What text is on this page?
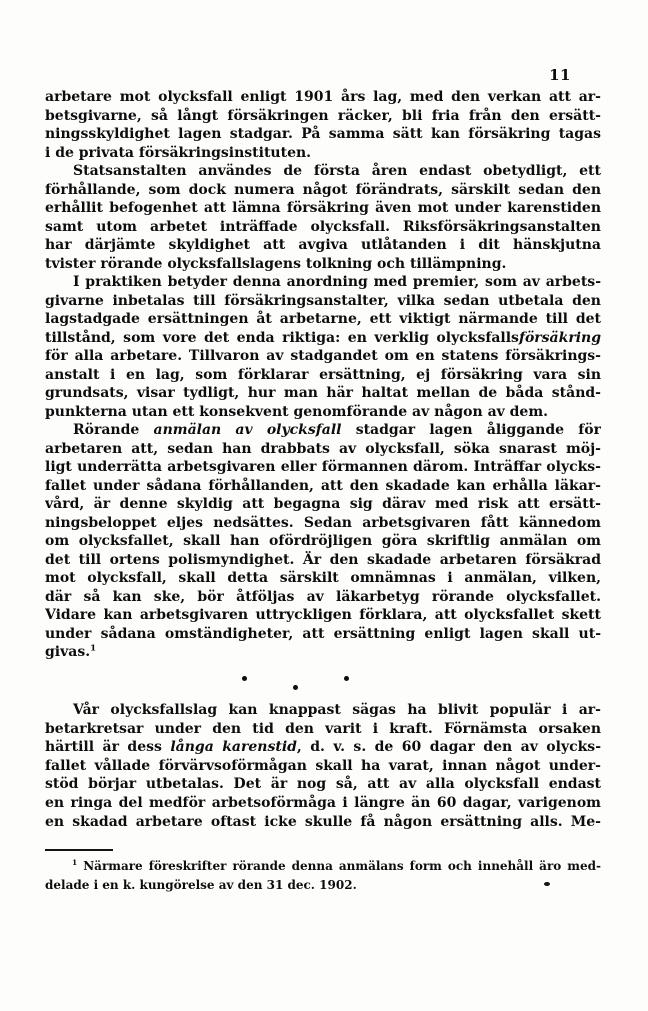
11
arbetare mot olycksfall enligt 1901 års lag, med den verkan att ar-
betsgivarne, så långt försäkringen räcker, bli fria från den ersätt-
ningsskyldighet lagen stadgar. På samma sätt kan försäkring tagas
i de privata försäkringsinstituten.
Statsanstalten användes de första åren endast obetydligt, ett
förhållande, som dock numera något förändrats, särskilt sedan den
erhållit befogenhet att lämna försäkring även mot under karenstiden
samt utom arbetet inträffade olycksfall. Riksförsäkringsanstalten
har därjämte skyldighet att avgiva utlåtanden i dit hänskjutna
tvister rörande olycksfallslagens tolkning och tillämpning.
I praktiken betyder denna anordning med premier, som av arbets-
givarne inbetalas till försäkringsanstalter, vilka sedan utbetala den
lagstadgade ersättningen åt arbetarne, ett viktigt närmande till det
tillstånd, som vore det enda riktiga: en verklig olycksfallsförsäkring
för alla arbetare. Tillvaron av stadgandet om en statens försäkrings-
anstalt i en lag, som förklarar ersättning, ej försäkring vara sin
grundsats, visar tydligt, hur man här haltat mellan de båda stånd-
punkterna utan ett konsekvent genomförande av någon av dem.
Rörande anmälan av olycksfall stadgar lagen åliggande för
arbetaren att, sedan han drabbats av olycksfall, söka snarast möj-
ligt underrätta arbetsgivaren eller förmannen därom. Inträffar olycks-
fallet under sådana förhållanden, att den skadade kan erhålla läkar-
vård, är denne skyldig att begagna sig därav med risk att ersätt-
ningsbeloppet eljes nedsättes. Sedan arbetsgivaren fått kännedom
om olycksfallet, skall han ofördröjligen göra skriftlig anmälan om
det till ortens polismyndighet. Är den skadade arbetaren försäkrad
mot olycksfall, skall detta särskilt omnämnas i anmälan, vilken,
där så kan ske, bör åtföljas av läkarbetyg rörande olycksfallet.
Vidare kan arbetsgivaren uttryckligen förklara, att olycksfallet skett
under sådana omständigheter, att ersättning enligt lagen skall ut-
givas.$^1$
Vår olycksfallslag kan knappast sägas ha blivit populär i ar-
betarkretsar under den tid den varit i kraft. Förnämsta orsaken
härtill är dess långa karenstid, d. v. s. de 60 dagar den av olycks-
fallet vållade förvärvsoförmågan skall ha varat, innan något under-
stöd börjar utbetalas. Det är nog så, att av alla olycksfall endast
en ringa del medför arbetsoförmåga i längre än 60 dagar, varigenom
en skadad arbetare oftast icke skulle få någon ersättning alls. Me-
$^1$ Närmare föreskrifter rörande denna anmälans form och innehåll äro med-
delade i en k. kungörelse av den 31 dec. 1902.
